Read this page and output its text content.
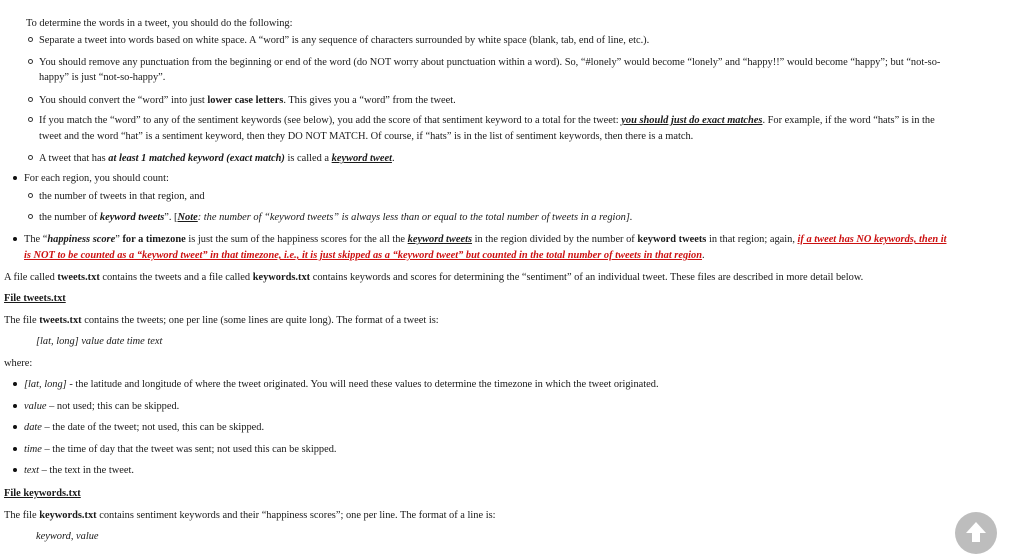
To determine the words in a tweet, you should do the following:
Separate a tweet into words based on white space. A “word” is any sequence of characters surrounded by white space (blank, tab, end of line, etc.).
You should remove any punctuation from the beginning or end of the word (do NOT worry about punctuation within a word). So, “#lonely” would become “lonely” and “happy!!” would become “happy”; but “not-so-
happy” is just “not-so-happy”.
You should convert the “word” into just lower case letters. This gives you a “word” from the tweet.
If you match the “word” to any of the sentiment keywords (see below), you add the score of that sentiment keyword to a total for the tweet: you should just do exact matches. For example, if the word “hats” is in the
tweet and the word “hat” is a sentiment keyword, then they DO NOT MATCH. Of course, if “hats” is in the list of sentiment keywords, then there is a match.
A tweet that has at least 1 matched keyword (exact match) is called a keyword tweet.
For each region, you should count:
the number of tweets in that region, and
the number of keyword tweets”. [Note: the number of “keyword tweets” is always less than or equal to the total number of tweets in a region].
The “happiness score” for a timezone is just the sum of the happiness scores for the all the keyword tweets in the region divided by the number of keyword tweets in that region; again, if a tweet has NO keywords, then it
is NOT to be counted as a “keyword tweet” in that timezone, i.e., it is just skipped as a “keyword tweet” but counted in the total number of tweets in that region.
A file called tweets.txt contains the tweets and a file called keywords.txt contains keywords and scores for determining the “sentiment” of an individual tweet. These files are described in more detail below.
File tweets.txt
The file tweets.txt contains the tweets; one per line (some lines are quite long). The format of a tweet is:
[lat, long] value date time text
where:
[lat, long] - the latitude and longitude of where the tweet originated. You will need these values to determine the timezone in which the tweet originated.
value – not used; this can be skipped.
date – the date of the tweet; not used, this can be skipped.
time – the time of day that the tweet was sent; not used this can be skipped.
text – the text in the tweet.
File keywords.txt
The file keywords.txt contains sentiment keywords and their “happiness scores”; one per line. The format of a line is:
keyword, value
